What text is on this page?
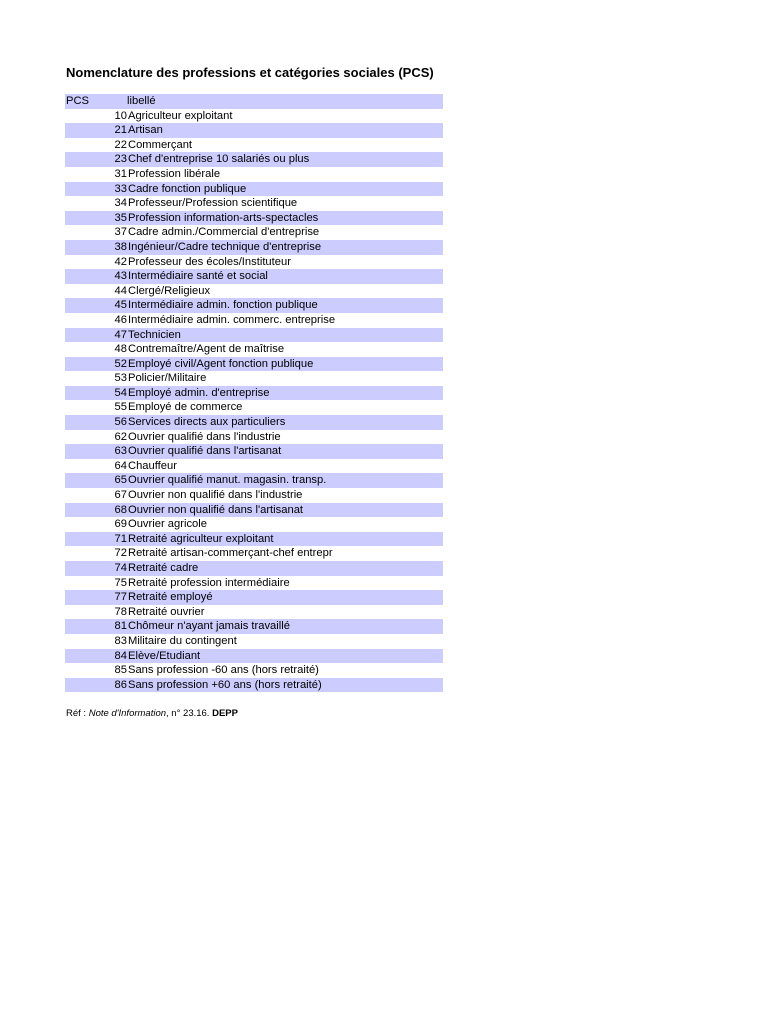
Nomenclature des professions et catégories sociales (PCS)
PCS	libellé
10 Agriculteur exploitant
21 Artisan
22 Commerçant
23 Chef d'entreprise 10 salariés ou plus
31 Profession libérale
33 Cadre fonction publique
34 Professeur/Profession scientifique
35 Profession information-arts-spectacles
37 Cadre admin./Commercial d'entreprise
38 Ingénieur/Cadre technique d'entreprise
42 Professeur des écoles/Instituteur
43 Intermédiaire santé et social
44 Clergé/Religieux
45 Intermédiaire admin. fonction publique
46 Intermédiaire admin. commerc. entreprise
47 Technicien
48 Contremaître/Agent de maîtrise
52 Employé civil/Agent fonction publique
53 Policier/Militaire
54 Employé admin. d'entreprise
55 Employé de commerce
56 Services directs aux particuliers
62 Ouvrier qualifié dans l'industrie
63 Ouvrier qualifié dans l'artisanat
64 Chauffeur
65 Ouvrier qualifié manut. magasin. transp.
67 Ouvrier non qualifié dans l'industrie
68 Ouvrier non qualifié dans l'artisanat
69 Ouvrier agricole
71 Retraité agriculteur exploitant
72 Retraité artisan-commerçant-chef entrepr
74 Retraité cadre
75 Retraité profession intermédiaire
77 Retraité employé
78 Retraité ouvrier
81 Chômeur n'ayant jamais travaillé
83 Militaire du contingent
84 Elève/Etudiant
85 Sans profession -60 ans (hors retraité)
86 Sans profession +60 ans (hors retraité)
Réf : Note d'Information, n° 23.16. DEPP
